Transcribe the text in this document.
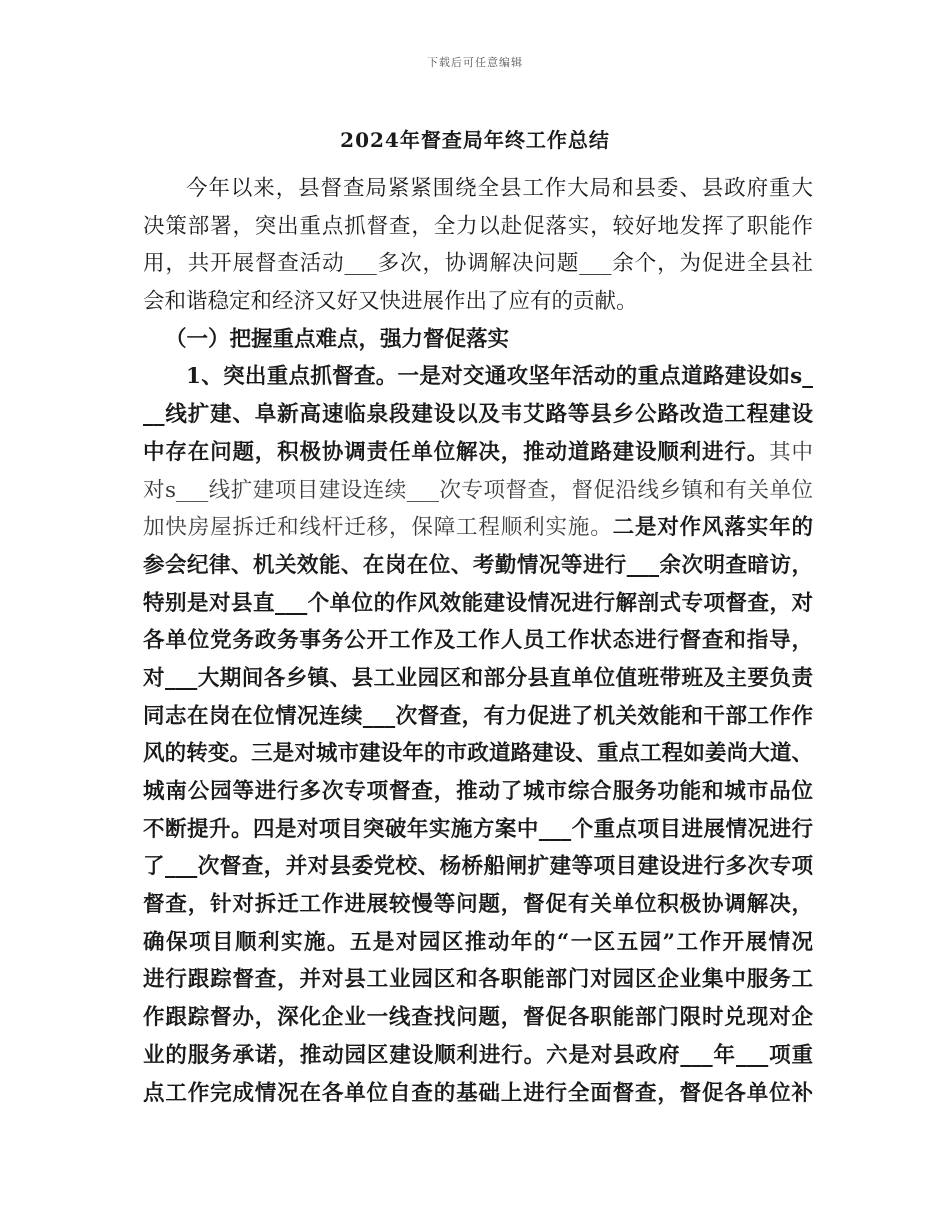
下载后可任意编辑
2024年督查局年终工作总结
今年以来，县督查局紧紧围绕全县工作大局和县委、县政府重大
决策部署，突出重点抓督查，全力以赴促落实，较好地发挥了职能作
用，共开展督查活动___多次，协调解决问题___余个，为促进全县社
会和谐稳定和经济又好又快进展作出了应有的贡献。
（一）把握重点难点，强力督促落实
1、突出重点抓督查。一是对交通攻坚年活动的重点道路建设如s_
__线扩建、阜新高速临泉段建设以及韦艾路等县乡公路改造工程建设
中存在问题，积极协调责任单位解决，推动道路建设顺利进行。其中
对s___线扩建项目建设连续___次专项督查，督促沿线乡镇和有关单位
加快房屋拆迁和线杆迁移，保障工程顺利实施。二是对作风落实年的
参会纪律、机关效能、在岗在位、考勤情况等进行___余次明查暗访，
特别是对县直___个单位的作风效能建设情况进行解剖式专项督查，对
各单位党务政务事务公开工作及工作人员工作状态进行督查和指导，
对___大期间各乡镇、县工业园区和部分县直单位值班带班及主要负责
同志在岗在位情况连续___次督查，有力促进了机关效能和干部工作作
风的转变。三是对城市建设年的市政道路建设、重点工程如姜尚大道、
城南公园等进行多次专项督查，推动了城市综合服务功能和城市品位
不断提升。四是对项目突破年实施方案中___个重点项目进展情况进行
了___次督查，并对县委党校、杨桥船闸扩建等项目建设进行多次专项
督查，针对拆迁工作进展较慢等问题，督促有关单位积极协调解决，
确保项目顺利实施。五是对园区推动年的“一区五园”工作开展情况
进行跟踪督查，并对县工业园区和各职能部门对园区企业集中服务工
作跟踪督办，深化企业一线查找问题，督促各职能部门限时兑现对企
业的服务承诺，推动园区建设顺利进行。六是对县政府___年___项重
点工作完成情况在各单位自查的基础上进行全面督查，督促各单位补
